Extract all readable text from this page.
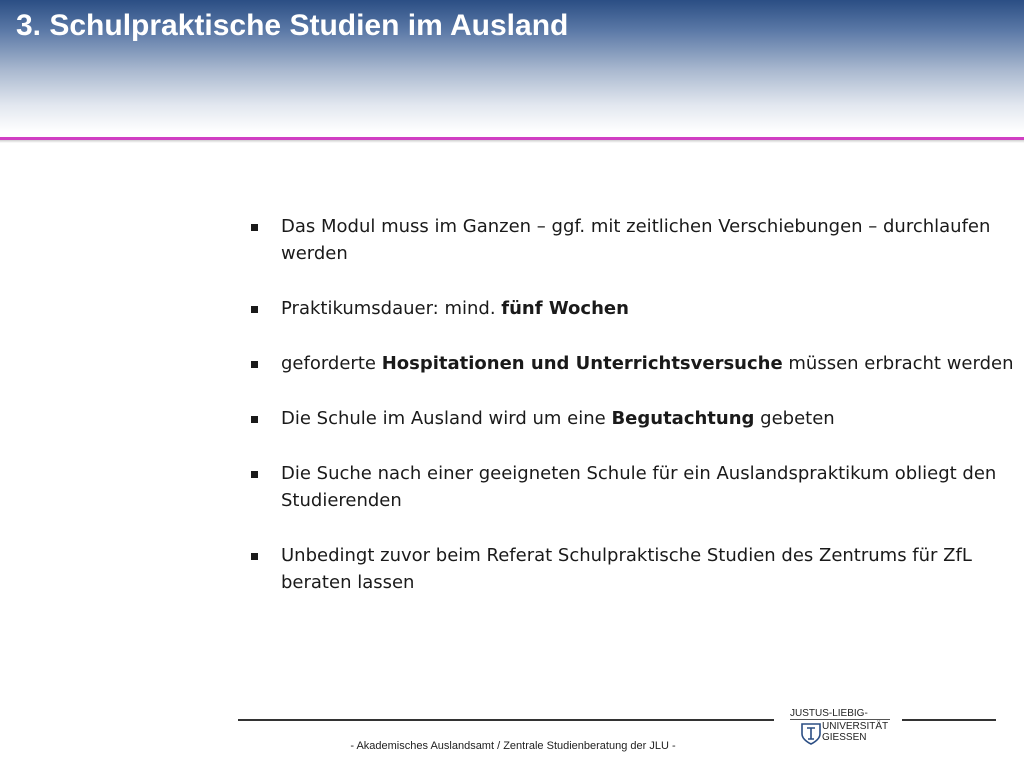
3. Schulpraktische Studien im Ausland
Das Modul muss im Ganzen – ggf. mit zeitlichen Verschiebungen – durchlaufen werden
Praktikumsdauer: mind. fünf Wochen
geforderte Hospitationen und Unterrichtsversuche müssen erbracht werden
Die Schule im Ausland wird um eine Begutachtung gebeten
Die Suche nach einer geeigneten Schule für ein Auslandspraktikum obliegt den Studierenden
Unbedingt zuvor beim Referat Schulpraktische Studien des Zentrums für ZfL beraten lassen
- Akademisches Auslandsamt / Zentrale Studienberatung der JLU -
JUSTUS-LIEBIG-
UNIVERSITÄT
GIESSEN
